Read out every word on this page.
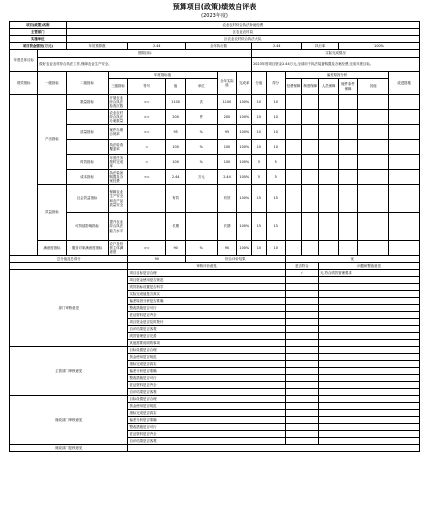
预算项目(政策)绩效自评表
(2023年度)
项目(政策)名称		农业农村综合执法补助经费														
主管部门		区农业农村局														
实施单位		区农业农村综合执法大队														
项目资金情况(万元)		年初预算数		2.44		全年执行数			2.44			执行率		100%		
年度总体目标	预期目标								实际完成情况							
	做好农业农村综合执法工作,保障农业生产安全。								2023年度项目资金2.44万元,全部用于执法装备购置及办案经费,完成年度目标。							
绩效指标	一级指标	二级指标	年度指标值				全年实际值	完成率	分值	得分	偏差原因分析					改进措施
			三级指标	符号	值	单位					经费保障	制度保障	人员保障	硬件条件保障	其他	
	产出指标	数量指标	开展农业综合执法检查次数	>=	1100	次	1100	100%	10	10						
			农业农村综合执法办案数量	>=	200	件	200	100%	10	10						
		质量指标	案件办理合规率	>=	95	%	95	100%	10	10						
			执法检查覆盖率	=	100	%	100	100%	10	10						
		时效指标	年度任务按时完成率	=	100	%	100	100%	5	5						
		成本指标	执法装备购置及办案经费	<=	2.44	万元	2.44	100%	5	5						
	效益指标	社会效益指标	保障农业生产安全和农产品质量安全		有效		有效	100%	15	15						
		可持续影响指标	提升农业综合执法能力水平		长期		长期	100%	15	15						
	满意度指标	服务对象满意度指标	农户及经营主体满意度	>=	90	%	90	100%	10	10						
总分值及总得分				90		综合评价结果					优					
				审核评价意见							是否符合		问题和整改意见			
部门审核意见				项目目标是否合理							✓		无,符合绩效管理要求			
				项目资金使用是否规范												
				绩效指标设置是否科学												
				实际完成值是否真实												
				偏差原因分析是否准确												
				整改措施是否可行												
				佐证资料是否齐全												
				项目资金是否及时拨付												
				自评结果是否客观												
				绩效管理是否完善												
				其他需要说明的事项												
主管部门审核意见				目标设置是否合理												
				资金使用是否规范												
				指标完成是否真实												
				偏差分析是否准确												
				整改措施是否可行												
				佐证资料是否齐全												
				自评结果是否客观												
财政部门审核意见				目标设置是否合理												
				资金使用是否规范												
				指标完成是否真实												
				偏差分析是否准确												
				整改措施是否可行												
				佐证资料是否齐全												
				自评结果是否客观												
财政部门复核意见																
